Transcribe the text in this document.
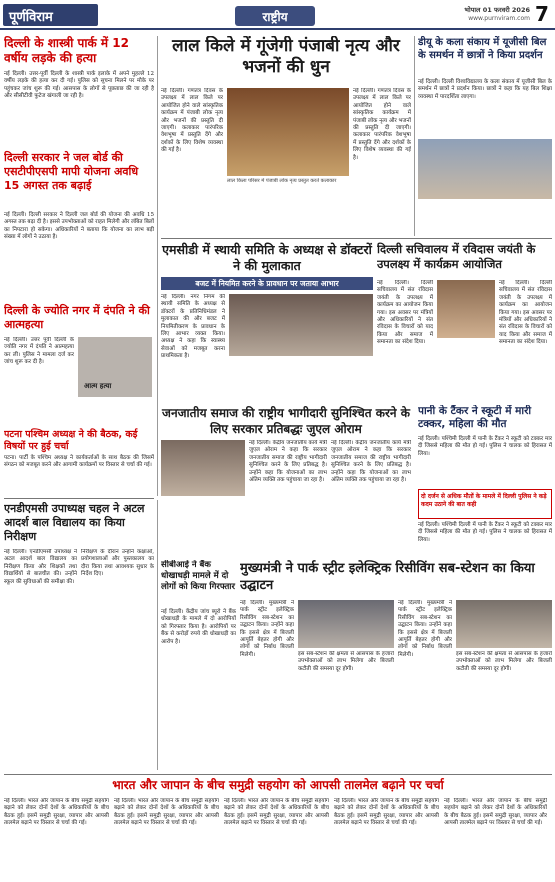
पूर्णविराम	राष्ट्रीय	भोपाल 01 फरवरी 2026
www.purnviram.com 7
दिल्ली के शास्त्री पार्क में 12 वर्षीय लड़के की हत्या
नई दिल्ली। उत्तर-पूर्वी दिल्ली के शास्त्री पार्क इलाके में अपने मुहल्ले 12 वर्षीय लड़के की हत्या कर दी गई। पुलिस को सूचना मिलने पर मौके पर पहुंचकर जांच शुरू की गई। आसपास के लोगों से पूछताछ की जा रही है और सीसीटीवी फुटेज खंगाली जा रही है।
दिल्ली सरकार ने जल बोर्ड की एसटीपीएसपी मापी योजना अवधि 15 अगस्त तक बढ़ाई
नई दिल्ली। दिल्ली सरकार ने दिल्ली जल बोर्ड की योजना की अवधि 15 अगस्त तक बढ़ा दी है। इससे उपभोक्ताओं को राहत मिलेगी और लंबित बिलों का निपटारा हो सकेगा। अधिकारियों ने बताया कि योजना का लाभ बड़ी संख्या में लोगों ने उठाया है।
दिल्ली के ज्योति नगर में दंपति ने की आत्महत्या
नई दिल्ली। उत्तर पूर्वी दिल्ली के ज्योति नगर में दंपति ने आत्महत्या कर ली। पुलिस ने मामला दर्ज कर जांच शुरू कर दी है।
आत्म हत्या
पटना पश्चिम अध्यक्ष ने की बैठक, कई विषयों पर हुई चर्चा
पटना। पार्टी के पश्चिम अध्यक्ष ने कार्यकर्ताओं के साथ बैठक की जिसमें संगठन को मजबूत करने और आगामी कार्यक्रमों पर विस्तार से चर्चा की गई।
लाल किले में गूंजेगी पंजाबी नृत्य और भजनों की धुन
नई दिल्ली। गणतंत्र दिवस के उपलक्ष्य में लाल किले पर आयोजित होने वाले सांस्कृतिक कार्यक्रम में पंजाबी लोक नृत्य और भजनों की प्रस्तुति दी जाएगी। कलाकार पारंपरिक वेशभूषा में प्रस्तुति देंगे और दर्शकों के लिए विशेष व्यवस्था की गई है।
लाल किला परिसर में पंजाबी लोक नृत्य प्रस्तुत करते कलाकार
नई दिल्ली। गणतंत्र दिवस के उपलक्ष्य में लाल किले पर आयोजित होने वाले सांस्कृतिक कार्यक्रम में पंजाबी लोक नृत्य और भजनों की प्रस्तुति दी जाएगी। कलाकार पारंपरिक वेशभूषा में प्रस्तुति देंगे और दर्शकों के लिए विशेष व्यवस्था की गई है।
डीयू के कला संकाय में यूजीसी बिल के समर्थन में छात्रों ने किया प्रदर्शन
नई दिल्ली। दिल्ली विश्वविद्यालय के कला संकाय में यूजीसी बिल के समर्थन में छात्रों ने प्रदर्शन किया। छात्रों ने कहा कि यह बिल शिक्षा व्यवस्था में पारदर्शिता लाएगा।
एमसीडी में स्थायी समिति के अध्यक्ष से डॉक्टरों ने की मुलाकात
बजट में नियमित करने के प्रावधान पर जताया आभार
नई दिल्ली। नगर निगम की स्थायी समिति के अध्यक्ष से डॉक्टरों के प्रतिनिधिमंडल ने मुलाकात की और बजट में नियमितीकरण के प्रावधान के लिए आभार व्यक्त किया। अध्यक्ष ने कहा कि स्वास्थ्य सेवाओं को मजबूत करना प्राथमिकता है।
दिल्ली सचिवालय में रविदास जयंती के उपलक्ष्य में कार्यक्रम आयोजित
नई दिल्ली। दिल्ली सचिवालय में संत रविदास जयंती के उपलक्ष्य में कार्यक्रम का आयोजन किया गया। इस अवसर पर मंत्रियों और अधिकारियों ने संत रविदास के विचारों को याद किया और समाज में समानता का संदेश दिया।
नई दिल्ली। दिल्ली सचिवालय में संत रविदास जयंती के उपलक्ष्य में कार्यक्रम का आयोजन किया गया। इस अवसर पर मंत्रियों और अधिकारियों ने संत रविदास के विचारों को याद किया और समाज में समानता का संदेश दिया।
जनजातीय समाज की राष्ट्रीय भागीदारी सुनिश्चित करने के लिए सरकार प्रतिबद्धः जुएल ओराम
नई दिल्ली। केंद्रीय जनजातीय कार्य मंत्री जुएल ओराम ने कहा कि सरकार जनजातीय समाज की राष्ट्रीय भागीदारी सुनिश्चित करने के लिए प्रतिबद्ध है। उन्होंने कहा कि योजनाओं का लाभ अंतिम व्यक्ति तक पहुंचाया जा रहा है।
नई दिल्ली। केंद्रीय जनजातीय कार्य मंत्री जुएल ओराम ने कहा कि सरकार जनजातीय समाज की राष्ट्रीय भागीदारी सुनिश्चित करने के लिए प्रतिबद्ध है। उन्होंने कहा कि योजनाओं का लाभ अंतिम व्यक्ति तक पहुंचाया जा रहा है।
पानी के टैंकर ने स्कूटी में मारी टक्कर, महिला की मौत
नई दिल्ली। पश्चिमी दिल्ली में पानी के टैंकर ने स्कूटी को टक्कर मार दी जिससे महिला की मौत हो गई। पुलिस ने चालक को हिरासत में लिया।
दो दर्जन से अधिक मौतों के मामले में दिल्ली पुलिस ने कड़े कदम उठाने की बात कही
नई दिल्ली। पश्चिमी दिल्ली में पानी के टैंकर ने स्कूटी को टक्कर मार दी जिससे महिला की मौत हो गई। पुलिस ने चालक को हिरासत में लिया।
एनडीएमसी उपाध्यक्ष चहल ने अटल आदर्श बाल विद्यालय का किया निरीक्षण
नई दिल्ली। एनडीएमसी उपाध्यक्ष ने अटल आदर्श बाल विद्यालय का निरीक्षण किया और शिक्षकों तथा विद्यार्थियों से बातचीत की। उन्होंने स्कूल की सुविधाओं की समीक्षा की।
निरीक्षण के दौरान उन्होंने कक्षाओं, प्रयोगशालाओं और पुस्तकालय का दौरा किया तथा आवश्यक सुधार के निर्देश दिए।
सीबीआई ने बैंक धोखाधड़ी मामले में दो लोगों को किया गिरफ्तार
नई दिल्ली। केंद्रीय जांच ब्यूरो ने बैंक धोखाधड़ी के मामले में दो आरोपियों को गिरफ्तार किया है। आरोपियों पर बैंक से करोड़ों रुपये की धोखाधड़ी का आरोप है।
मुख्यमंत्री ने पार्क स्ट्रीट इलेक्ट्रिक रिसीविंग सब-स्टेशन का किया उद्घाटन
नई दिल्ली। मुख्यमंत्री ने पार्क स्ट्रीट इलेक्ट्रिक रिसीविंग सब-स्टेशन का उद्घाटन किया। उन्होंने कहा कि इससे क्षेत्र में बिजली आपूर्ति बेहतर होगी और लोगों को निर्बाध बिजली मिलेगी।	इस सब-स्टेशन की क्षमता से आसपास के हजारों उपभोक्ताओं को लाभ मिलेगा और बिजली कटौती की समस्या दूर होगी।
नई दिल्ली। मुख्यमंत्री ने पार्क स्ट्रीट इलेक्ट्रिक रिसीविंग सब-स्टेशन का उद्घाटन किया। उन्होंने कहा कि इससे क्षेत्र में बिजली आपूर्ति बेहतर होगी और लोगों को निर्बाध बिजली मिलेगी।	इस सब-स्टेशन की क्षमता से आसपास के हजारों उपभोक्ताओं को लाभ मिलेगा और बिजली कटौती की समस्या दूर होगी।
भारत और जापान के बीच समुद्री सहयोग को आपसी तालमेल बढ़ाने पर चर्चा
नई दिल्ली। भारत और जापान के बीच समुद्री सहयोग बढ़ाने को लेकर दोनों देशों के अधिकारियों के बीच बैठक हुई। इसमें समुद्री सुरक्षा, व्यापार और आपसी तालमेल बढ़ाने पर विस्तार से चर्चा की गई।
नई दिल्ली। भारत और जापान के बीच समुद्री सहयोग बढ़ाने को लेकर दोनों देशों के अधिकारियों के बीच बैठक हुई। इसमें समुद्री सुरक्षा, व्यापार और आपसी तालमेल बढ़ाने पर विस्तार से चर्चा की गई।
नई दिल्ली। भारत और जापान के बीच समुद्री सहयोग बढ़ाने को लेकर दोनों देशों के अधिकारियों के बीच बैठक हुई। इसमें समुद्री सुरक्षा, व्यापार और आपसी तालमेल बढ़ाने पर विस्तार से चर्चा की गई।
नई दिल्ली। भारत और जापान के बीच समुद्री सहयोग बढ़ाने को लेकर दोनों देशों के अधिकारियों के बीच बैठक हुई। इसमें समुद्री सुरक्षा, व्यापार और आपसी तालमेल बढ़ाने पर विस्तार से चर्चा की गई।
नई दिल्ली। भारत और जापान के बीच समुद्री सहयोग बढ़ाने को लेकर दोनों देशों के अधिकारियों के बीच बैठक हुई। इसमें समुद्री सुरक्षा, व्यापार और आपसी तालमेल बढ़ाने पर विस्तार से चर्चा की गई।
